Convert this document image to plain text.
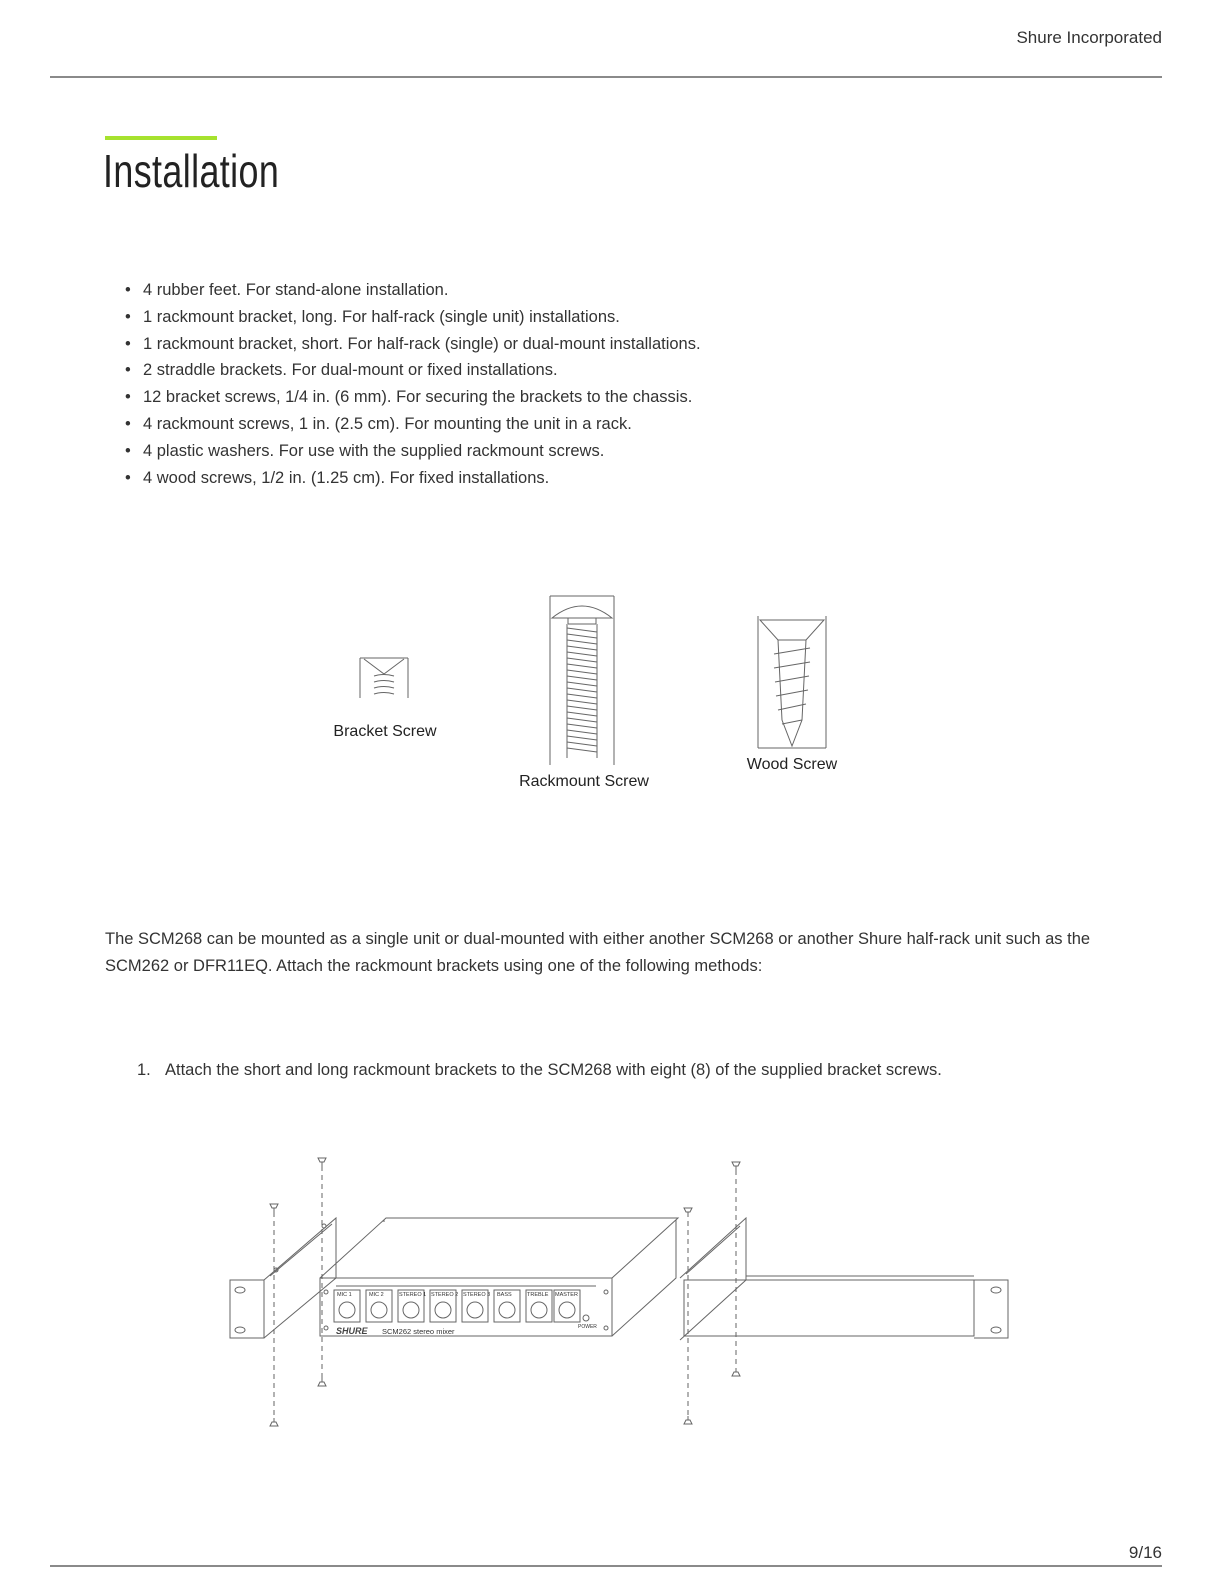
Shure Incorporated
Installation
• 4 rubber feet. For stand-alone installation.
• 1 rackmount bracket, long. For half-rack (single unit) installations.
• 1 rackmount bracket, short. For half-rack (single) or dual-mount installations.
• 2 straddle brackets. For dual-mount or fixed installations.
• 12 bracket screws, 1/4 in. (6 mm). For securing the brackets to the chassis.
• 4 rackmount screws, 1 in. (2.5 cm). For mounting the unit in a rack.
• 4 plastic washers. For use with the supplied rackmount screws.
• 4 wood screws, 1/2 in. (1.25 cm). For fixed installations.
Bracket Screw
Rackmount Screw
Wood Screw

The SCM268 can be mounted as a single unit or dual-mounted with either another SCM268 or another Shure half-rack unit such as the SCM262 or DFR11EQ. Attach the rackmount brackets using one of the following methods:

1. Attach the short and long rackmount brackets to the SCM268 with eight (8) of the supplied bracket screws.
MIC 1	MIC 2	STEREO 1 STEREO 2 STEREO 3 BASS	TREBLE MASTER
SHURE SCM262 stereo mixer	POWER
9/16
